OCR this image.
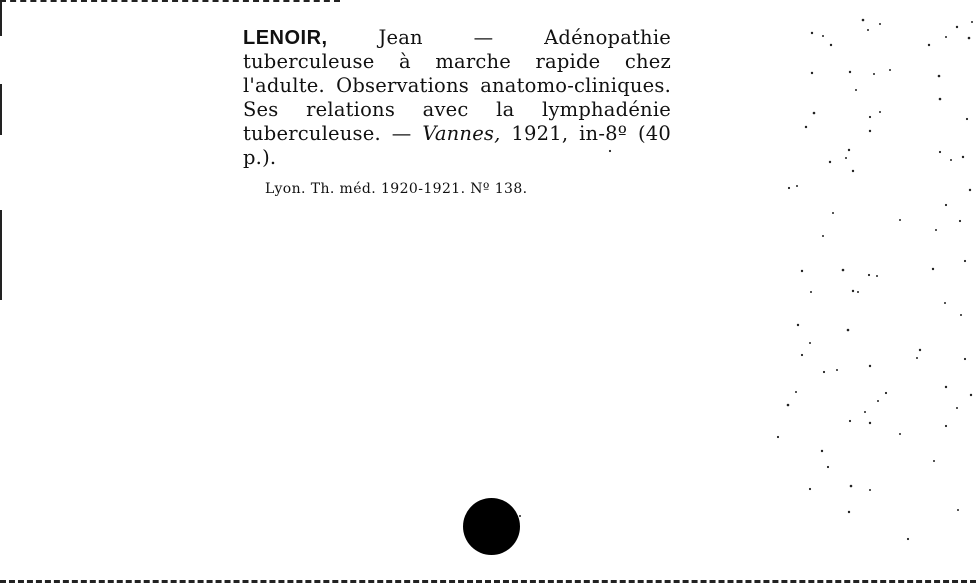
LENOIR,	Jean	—	Adénopathie tuberculeuse à marche rapide chez l'adulte. Observations anatomo-cliniques. Ses relations avec la lymphadénie tuberculeuse. — Vannes, 1921, in-8º (40 p.).
Lyon. Th. méd. 1920-1921. Nº 138.
